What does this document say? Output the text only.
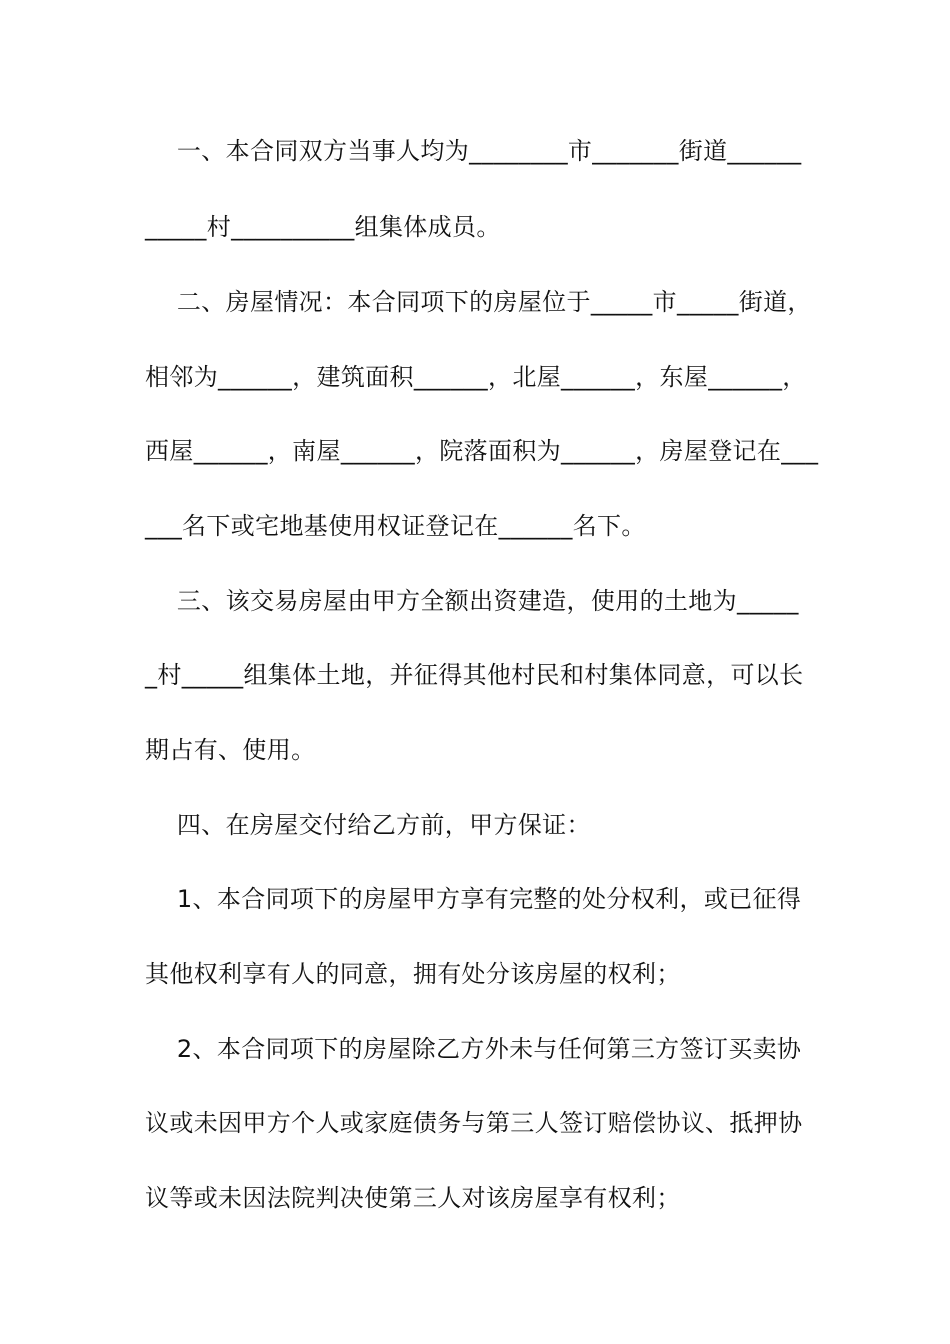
一、本合同双方当事人均为________市_______街道______
_____村__________组集体成员。
二、房屋情况：本合同项下的房屋位于_____市_____街道，
相邻为______，建筑面积______，北屋______，东屋______，
西屋______，南屋______，院落面积为______，房屋登记在___
___名下或宅地基使用权证登记在______名下。
三、该交易房屋由甲方全额出资建造，使用的土地为_____
_村_____组集体土地，并征得其他村民和村集体同意，可以长
期占有、使用。
四、在房屋交付给乙方前，甲方保证：
1、本合同项下的房屋甲方享有完整的处分权利，或已征得
其他权利享有人的同意，拥有处分该房屋的权利；
2、本合同项下的房屋除乙方外未与任何第三方签订买卖协
议或未因甲方个人或家庭债务与第三人签订赔偿协议、抵押协
议等或未因法院判决使第三人对该房屋享有权利；
